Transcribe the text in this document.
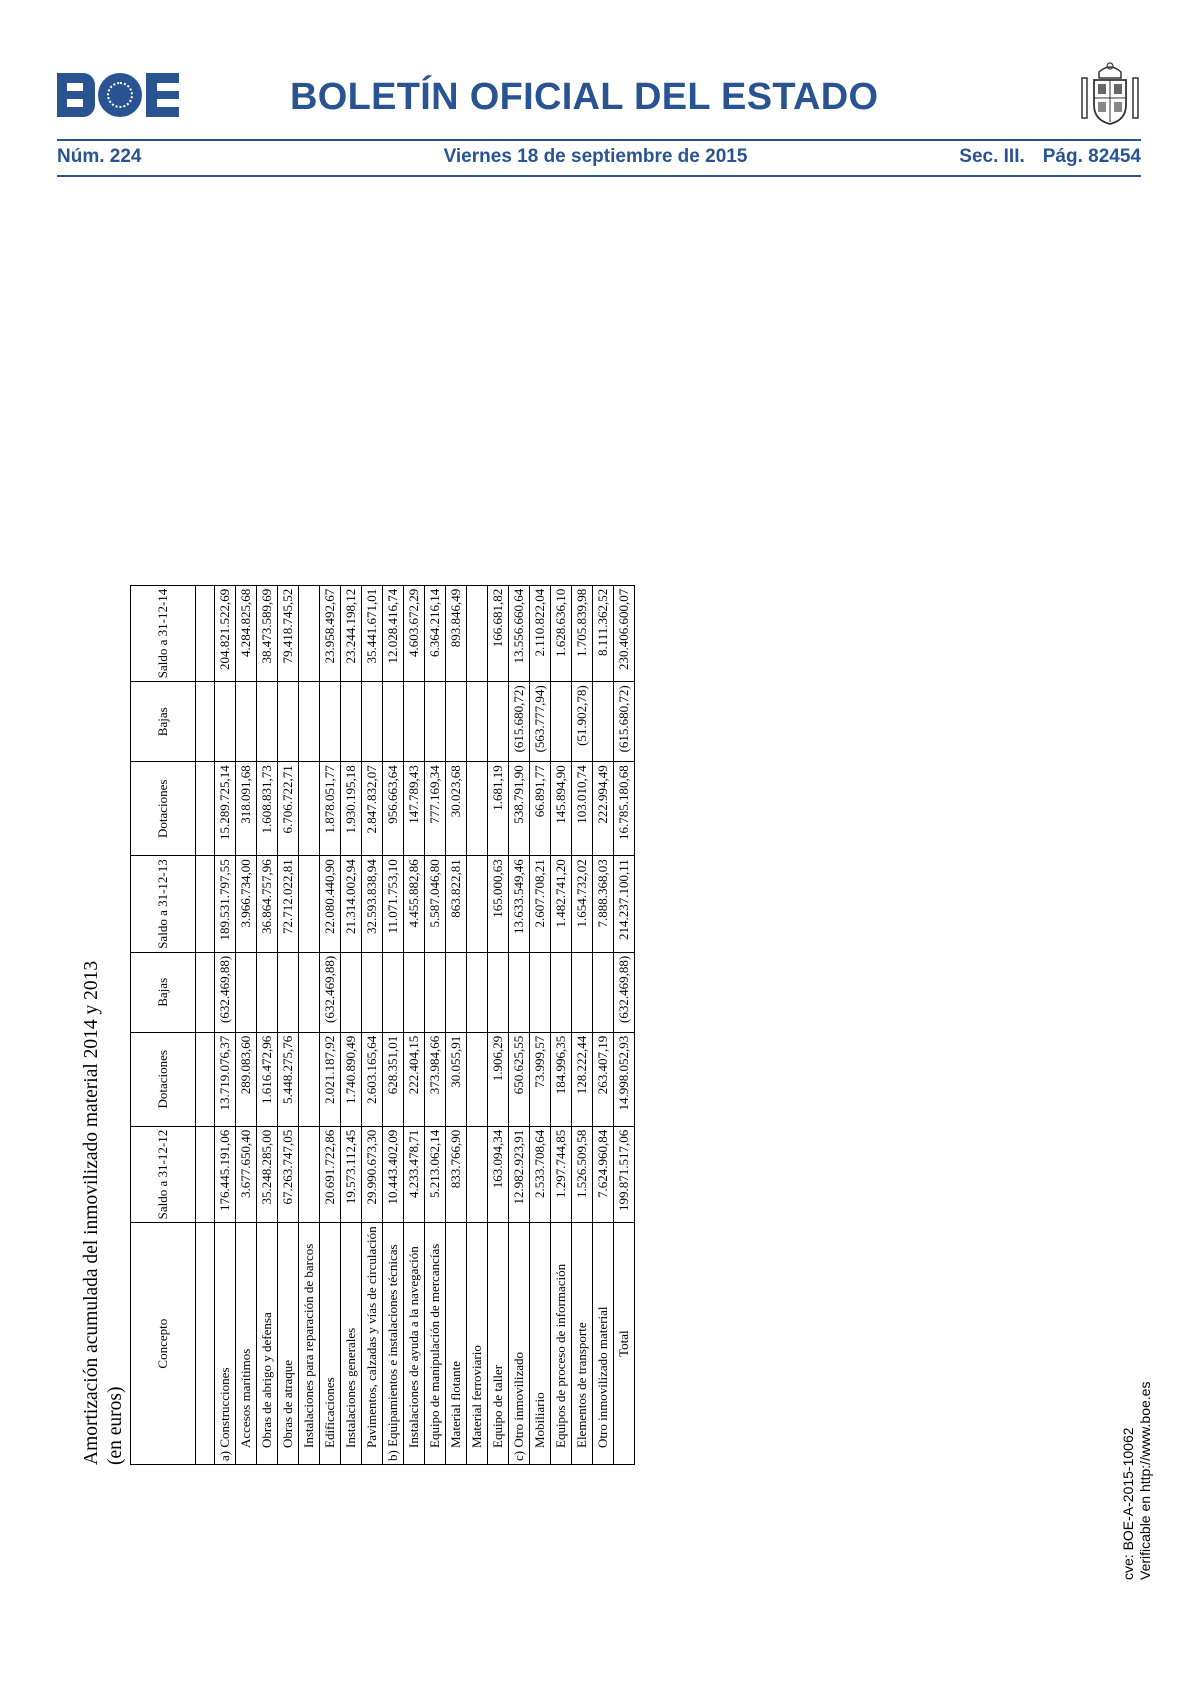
BOLETÍN OFICIAL DEL ESTADO
Núm. 224	Viernes 18 de septiembre de 2015	Sec. III. Pág. 82454
Amortización acumulada del inmovilizado material 2014 y 2013 (en euros)
Concepto	Saldo a 31-12-12	Dotaciones	Bajas	Saldo a 31-12-13	Dotaciones	Bajas	Saldo a 31-12-14

a) Construcciones	176.445.191,06	13.719.076,37	(632.469,88)	189.531.797,55	15.289.725,14		204.821.522,69
Accesos marítimos	3.677.650,40	289.083,60		3.966.734,00	318.091,68		4.284.825,68
Obras de abrigo y defensa	35.248.285,00	1.616.472,96		36.864.757,96	1.608.831,73		38.473.589,69
Obras de atraque	67.263.747,05	5.448.275,76		72.712.022,81	6.706.722,71		79.418.745,52
Instalaciones para reparación de barcos							
Edificaciones	20.691.722,86	2.021.187,92	(632.469,88)	22.080.440,90	1.878.051,77		23.958.492,67
Instalaciones generales	19.573.112,45	1.740.890,49		21.314.002,94	1.930.195,18		23.244.198,12
Pavimentos, calzadas y vías de circulación	29.990.673,30	2.603.165,64		32.593.838,94	2.847.832,07		35.441.671,01
b) Equipamientos e instalaciones técnicas	10.443.402,09	628.351,01		11.071.753,10	956.663,64		12.028.416,74
Instalaciones de ayuda a la navegación	4.233.478,71	222.404,15		4.455.882,86	147.789,43		4.603.672,29
Equipo de manipulación de mercancías	5.213.062,14	373.984,66		5.587.046,80	777.169,34		6.364.216,14
Material flotante	833.766,90	30.055,91		863.822,81	30.023,68		893.846,49
Material ferroviario							
Equipo de taller	163.094,34	1.906,29		165.000,63	1.681,19		166.681,82
c) Otro inmovilizado	12.982.923,91	650.625,55		13.633.549,46	538.791,90	(615.680,72)	13.556.660,64
Mobiliario	2.533.708,64	73.999,57		2.607.708,21	66.891,77	(563.777,94)	2.110.822,04
Equipos de proceso de información	1.297.744,85	184.996,35		1.482.741,20	145.894,90		1.628.636,10
Elementos de transporte	1.526.509,58	128.222,44		1.654.732,02	103.010,74	(51.902,78)	1.705.839,98
Otro inmovilizado material	7.624.960,84	263.407,19		7.888.368,03	222.994,49		8.111.362,52
Total	199.871.517,06	14.998.052,93	(632.469,88)	214.237.100,11	16.785.180,68	(615.680,72)	230.406.600,07
cve: BOE-A-2015-10062 Verificable en http://www.boe.es
